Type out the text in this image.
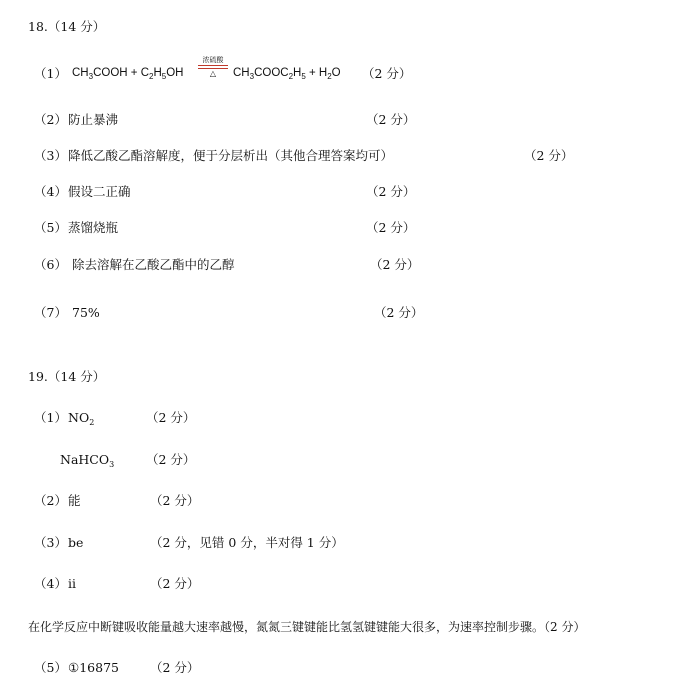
18.（14 分）
（1） $CH_3COOH + C_2H_5OH$
浓硫酸
△	$CH_3COOC_2H_5 + H_2O$ （2 分）
（2） 防止暴沸	（2 分）
（3） 降低乙酸乙酯溶解度，便于分层析出（其他合理答案均可）	（2 分）
（4） 假设二正确	（2 分）
（5） 蒸馏烧瓶	（2 分）
（6） 除去溶解在乙酸乙酯中的乙醇	（2 分）
（7） 75%	（2 分）
19.（14 分）
（1） $NO_2$	（2 分）
NaHCO$_3$	（2 分）
（2） 能	（2 分）
（3） be	（2 分，见错 0 分，半对得 1 分）
（4） ii	（2 分）
在化学反应中断键吸收能量越大速率越慢，氮氮三键键能比氢氢键键能大很多，为速率控制步骤。（2 分）
（5） ①16875 （2 分）
